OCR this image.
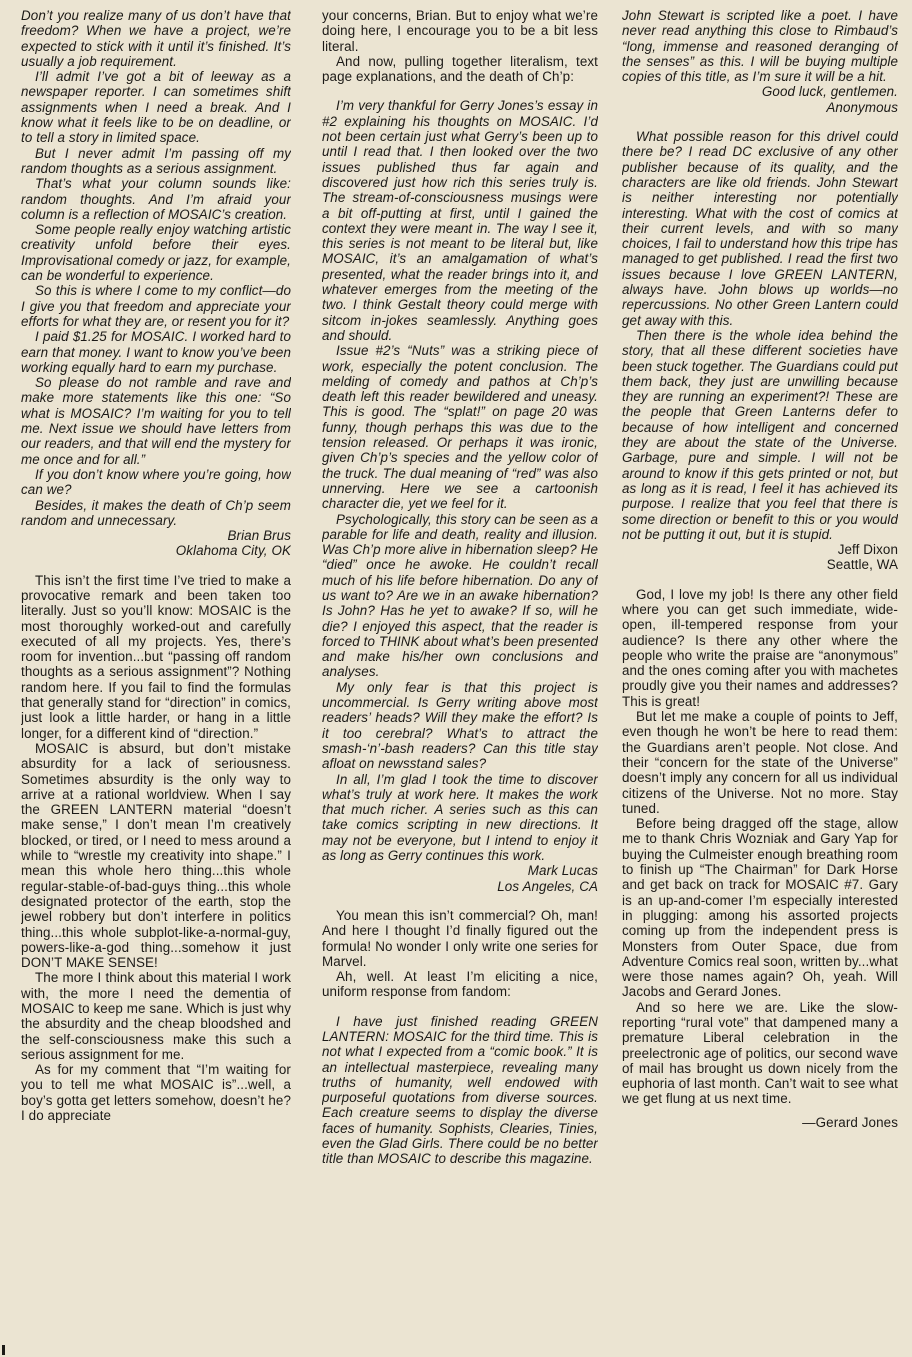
Don’t you realize many of us don’t have that freedom? When we have a project, we’re expected to stick with it until it’s finished. It’s usually a job requirement.

I’ll admit I’ve got a bit of leeway as a newspaper reporter. I can sometimes shift assignments when I need a break. And I know what it feels like to be on deadline, or to tell a story in limited space.

But I never admit I’m passing off my random thoughts as a serious assignment.

That’s what your column sounds like: random thoughts. And I’m afraid your column is a reflection of MOSAIC’s creation.

Some people really enjoy watching artistic creativity unfold before their eyes. Improvisational comedy or jazz, for example, can be wonderful to experience.

So this is where I come to my conflict—do I give you that freedom and appreciate your efforts for what they are, or resent you for it?

I paid $1.25 for MOSAIC. I worked hard to earn that money. I want to know you’ve been working equally hard to earn my purchase.

So please do not ramble and rave and make more statements like this one: “So what is MOSAIC? I’m waiting for you to tell me. Next issue we should have letters from our readers, and that will end the mystery for me once and for all.”

If you don’t know where you’re going, how can we?

Besides, it makes the death of Ch’p seem random and unnecessary.

Brian Brus

Oklahoma City, OK

This isn’t the first time I’ve tried to make a provocative remark and been taken too literally. Just so you’ll know: MOSAIC is the most thoroughly worked-out and carefully executed of all my projects. Yes, there’s room for invention...but “passing off random thoughts as a serious assignment”? Nothing random here. If you fail to find the formulas that generally stand for “direction” in comics, just look a little harder, or hang in a little longer, for a different kind of “direction.”

MOSAIC is absurd, but don’t mistake absurdity for a lack of seriousness. Sometimes absurdity is the only way to arrive at a rational worldview. When I say the GREEN LANTERN material “doesn’t make sense,” I don’t mean I’m creatively blocked, or tired, or I need to mess around a while to “wrestle my creativity into shape.” I mean this whole hero thing...this whole regular-stable-of-bad-guys thing...this whole designated protector of the earth, stop the jewel robbery but don’t interfere in politics thing...this whole subplot-like-a-normal-guy, powers-like-a-god thing...somehow it just DON’T MAKE SENSE!

The more I think about this material I work with, the more I need the dementia of MOSAIC to keep me sane. Which is just why the absurdity and the cheap bloodshed and the self-consciousness make this such a serious assignment for me.

As for my comment that “I’m waiting for you to tell me what MOSAIC is”...well, a boy’s gotta get letters somehow, doesn’t he? I do appreciate

your concerns, Brian. But to enjoy what we’re doing here, I encourage you to be a bit less literal.

And now, pulling together literalism, text page explanations, and the death of Ch’p:

I’m very thankful for Gerry Jones’s essay in #2 explaining his thoughts on MOSAIC. I’d not been certain just what Gerry’s been up to until I read that. I then looked over the two issues published thus far again and discovered just how rich this series truly is. The stream-of-consciousness musings were a bit off-putting at first, until I gained the context they were meant in. The way I see it, this series is not meant to be literal but, like MOSAIC, it’s an amalgamation of what’s presented, what the reader brings into it, and whatever emerges from the meeting of the two. I think Gestalt theory could merge with sitcom in-jokes seamlessly. Anything goes and should.

Issue #2’s “Nuts” was a striking piece of work, especially the potent conclusion. The melding of comedy and pathos at Ch’p’s death left this reader bewildered and uneasy. This is good. The “splat!” on page 20 was funny, though perhaps this was due to the tension released. Or perhaps it was ironic, given Ch’p’s species and the yellow color of the truck. The dual meaning of “red” was also unnerving. Here we see a cartoonish character die, yet we feel for it.

Psychologically, this story can be seen as a parable for life and death, reality and illusion. Was Ch’p more alive in hibernation sleep? He “died” once he awoke. He couldn’t recall much of his life before hibernation. Do any of us want to? Are we in an awake hibernation? Is John? Has he yet to awake? If so, will he die? I enjoyed this aspect, that the reader is forced to THINK about what’s been presented and make his/her own conclusions and analyses.

My only fear is that this project is uncommercial. Is Gerry writing above most readers’ heads? Will they make the effort? Is it too cerebral? What’s to attract the smash-‘n’-bash readers? Can this title stay afloat on newsstand sales?

In all, I’m glad I took the time to discover what’s truly at work here. It makes the work that much richer. A series such as this can take comics scripting in new directions. It may not be everyone, but I intend to enjoy it as long as Gerry continues this work.

Mark Lucas

Los Angeles, CA

You mean this isn’t commercial? Oh, man! And here I thought I’d finally figured out the formula! No wonder I only write one series for Marvel.

Ah, well. At least I’m eliciting a nice, uniform response from fandom:

I have just finished reading GREEN LANTERN: MOSAIC for the third time. This is not what I expected from a “comic book.” It is an intellectual masterpiece, revealing many truths of humanity, well endowed with purposeful quotations from diverse sources. Each creature seems to display the diverse faces of humanity. Sophists, Clearies, Tinies, even the Glad Girls. There could be no better title than MOSAIC to describe this magazine.

John Stewart is scripted like a poet. I have never read anything this close to Rimbaud’s “long, immense and reasoned deranging of the senses” as this. I will be buying multiple copies of this title, as I’m sure it will be a hit.

Good luck, gentlemen.

Anonymous

What possible reason for this drivel could there be? I read DC exclusive of any other publisher because of its quality, and the characters are like old friends. John Stewart is neither interesting nor potentially interesting. What with the cost of comics at their current levels, and with so many choices, I fail to understand how this tripe has managed to get published. I read the first two issues because I love GREEN LANTERN, always have. John blows up worlds—no repercussions. No other Green Lantern could get away with this.

Then there is the whole idea behind the story, that all these different societies have been stuck together. The Guardians could put them back, they just are unwilling because they are running an experiment?! These are the people that Green Lanterns defer to because of how intelligent and concerned they are about the state of the Universe. Garbage, pure and simple. I will not be around to know if this gets printed or not, but as long as it is read, I feel it has achieved its purpose. I realize that you feel that there is some direction or benefit to this or you would not be putting it out, but it is stupid.

Jeff Dixon

Seattle, WA

God, I love my job! Is there any other field where you can get such immediate, wide-open, ill-tempered response from your audience? Is there any other where the people who write the praise are “anonymous” and the ones coming after you with machetes proudly give you their names and addresses? This is great!

But let me make a couple of points to Jeff, even though he won’t be here to read them: the Guardians aren’t people. Not close. And their “concern for the state of the Universe” doesn’t imply any concern for all us individual citizens of the Universe. Not no more. Stay tuned.

Before being dragged off the stage, allow me to thank Chris Wozniak and Gary Yap for buying the Culmeister enough breathing room to finish up “The Chairman” for Dark Horse and get back on track for MOSAIC #7. Gary is an up-and-comer I’m especially interested in plugging: among his assorted projects coming up from the independent press is Monsters from Outer Space, due from Adventure Comics real soon, written by...what were those names again? Oh, yeah. Will Jacobs and Gerard Jones.

And so here we are. Like the slow-reporting “rural vote” that dampened many a premature Liberal celebration in the preelectronic age of politics, our second wave of mail has brought us down nicely from the euphoria of last month. Can’t wait to see what we get flung at us next time.

—Gerard Jones
